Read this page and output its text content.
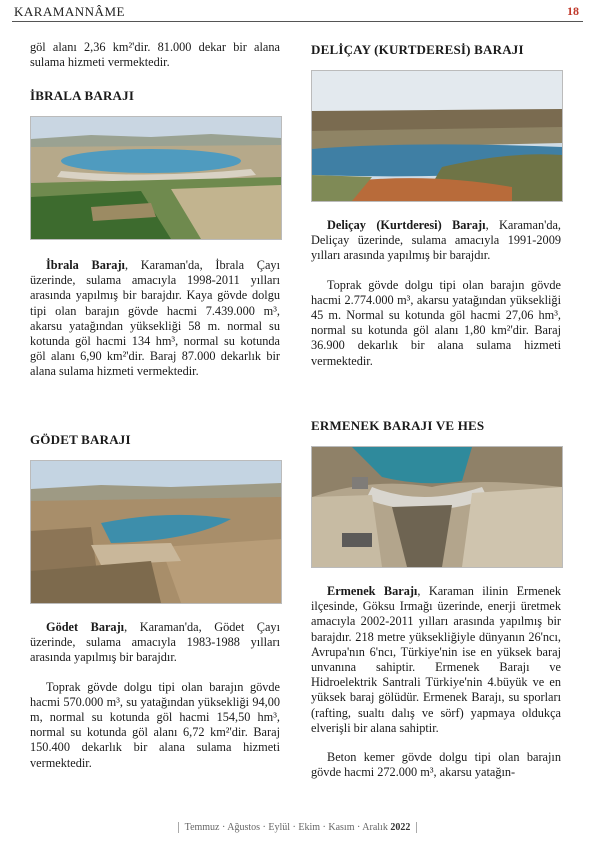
KARAMANNÂME	18

göl alanı 2,36 km²'dir. 81.000 dekar bir alana sulama hizmeti vermektedir.

İBRALA BARAJI

İbrala Barajı, Karaman'da, İbrala Çayı üzerinde, sulama amacıyla 1998-2011 yılları arasında yapılmış bir barajdır. Kaya gövde dolgu tipi olan barajın gövde hacmi 7.439.000 m³, akarsu yatağından yüksekliği 58 m. normal su kotunda göl hacmi 134 hm³, normal su kotunda göl alanı 6,90 km²'dir. Baraj 87.000 dekarlık bir alana sulama hizmeti vermektedir.

GÖDET BARAJI

Gödet Barajı, Karaman'da, Gödet Çayı üzerinde, sulama amacıyla 1983-1988 yılları arasında yapılmış bir barajdır.

Toprak gövde dolgu tipi olan barajın gövde hacmi 570.000 m³, su yatağından yüksekliği 94,00 m, normal su kotunda göl hacmi 154,50 hm³, normal su kotunda göl alanı 6,72 km²'dir. Baraj 150.400 dekarlık bir alana sulama hizmeti vermektedir.

DELİÇAY (KURTDERESİ) BARAJI

Deliçay (Kurtderesi) Barajı, Karaman'da, Deliçay üzerinde, sulama amacıyla 1991-2009 yılları arasında yapılmış bir barajdır.

Toprak gövde dolgu tipi olan barajın gövde hacmi 2.774.000 m³, akarsu yatağından yüksekliği 45 m. Normal su kotunda göl hacmi 27,06 hm³, normal su kotunda göl alanı 1,80 km²'dir. Baraj 36.900 dekarlık bir alana sulama hizmeti vermektedir.

ERMENEK BARAJI VE HES

Ermenek Barajı, Karaman ilinin Ermenek ilçesinde, Göksu Irmağı üzerinde, enerji üretmek amacıyla 2002-2011 yılları arasında yapılmış bir barajdır. 218 metre yüksekliğiyle dünyanın 26'ncı, Avrupa'nın 6'ncı, Türkiye'nin ise en yüksek baraj unvanına sahiptir. Ermenek Barajı ve Hidroelektrik Santrali Türkiye'nin 4.büyük ve en yüksek baraj gölüdür. Ermenek Barajı, su sporları (rafting, sualtı dalış ve sörf) yapmaya oldukça elverişli bir alana sahiptir.

Beton kemer gövde dolgu tipi olan barajın gövde hacmi 272.000 m³, akarsu yatağın-

Temmuz · Ağustos · Eylül · Ekim · Kasım · Aralık 2022
